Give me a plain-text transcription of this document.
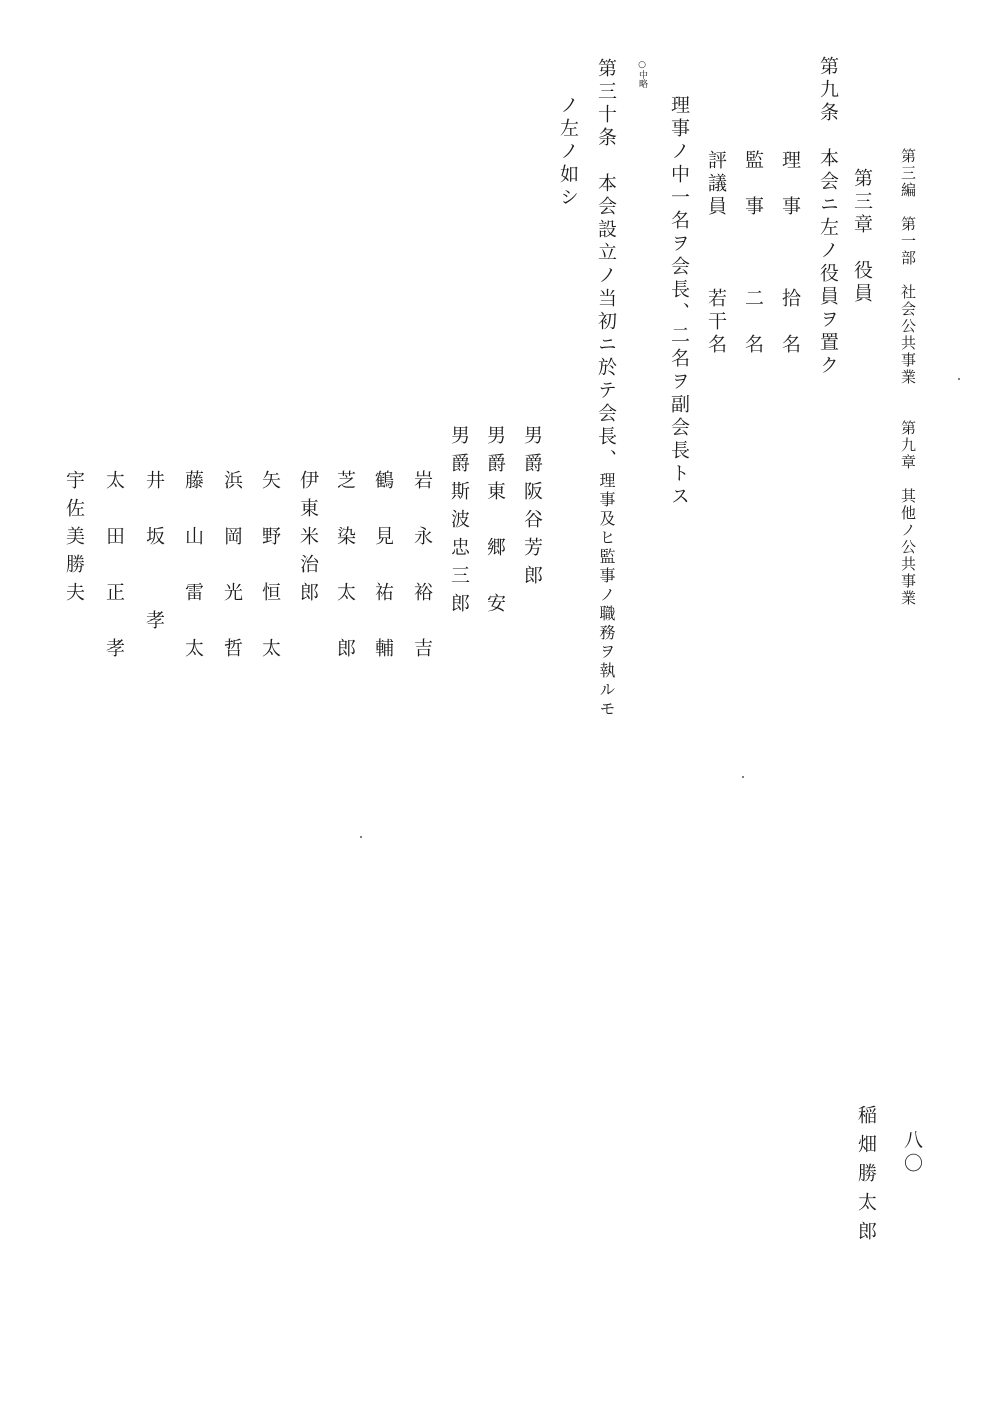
第三編　第一部　社会公共事業　　第九章　其他ノ公共事業
第三章　役員
第九条　本会ニ左ノ役員ヲ置ク
理　事　　　拾　名
監　事　　　二　名
評議員　　　若干名
理事ノ中一名ヲ会長、二名ヲ副会長トス
○中略
第三十条　本会設立ノ当初ニ於テ会長、理事及ヒ監事ノ職務ヲ執ルモ
ノ左ノ如シ
男爵阪谷芳郎
男爵東　郷　安
男爵斯波忠三郎
岩　永　裕　吉
鶴　見　祐　輔
芝　染　太　郎
伊東米治郎
矢　野　恒　太
浜　岡　光　哲
藤　山　雷　太
井　坂　　孝
太　田　正　孝
宇佐美勝夫
八〇
稲畑勝太郎
